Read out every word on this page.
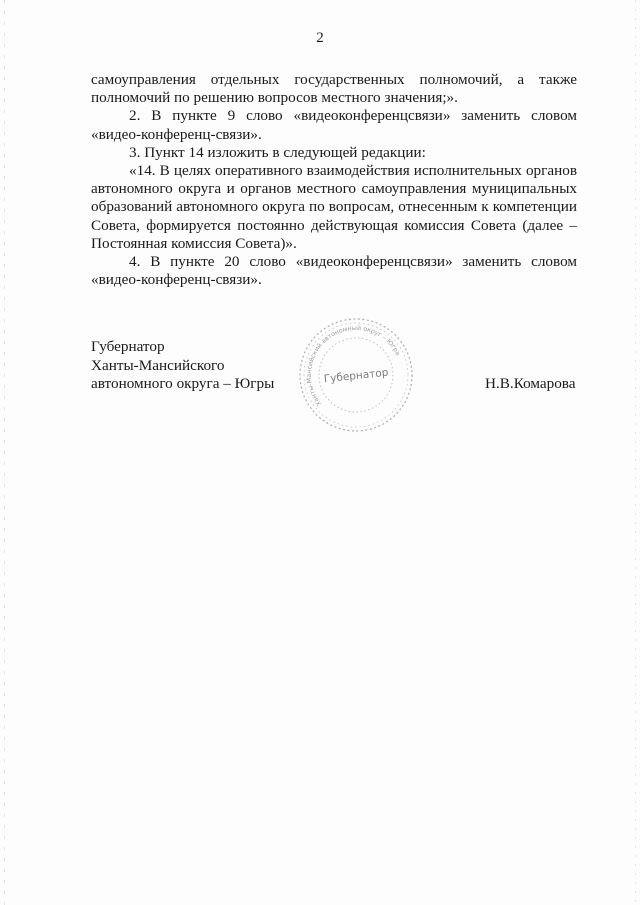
2

самоуправления отдельных государственных полномочий, а также полномочий по решению вопросов местного значения;».

2. В пункте 9 слово «видеоконференцсвязи» заменить словом «видео-конференц-связи».

3. Пункт 14 изложить в следующей редакции:

«14. В целях оперативного взаимодействия исполнительных органов автономного округа и органов местного самоуправления муниципальных образований автономного округа по вопросам, отнесенным к компетенции Совета, формируется постоянно действующая комиссия Совета (далее – Постоянная комиссия Совета)».

4. В пункте 20 слово «видеоконференцсвязи» заменить словом «видео-конференц-связи».

Губернатор
Ханты-Мансийского
автономного округа – Югры
Ханты-Мансийский автономный округ – Югра
Губернатор	Н.В.Комарова
